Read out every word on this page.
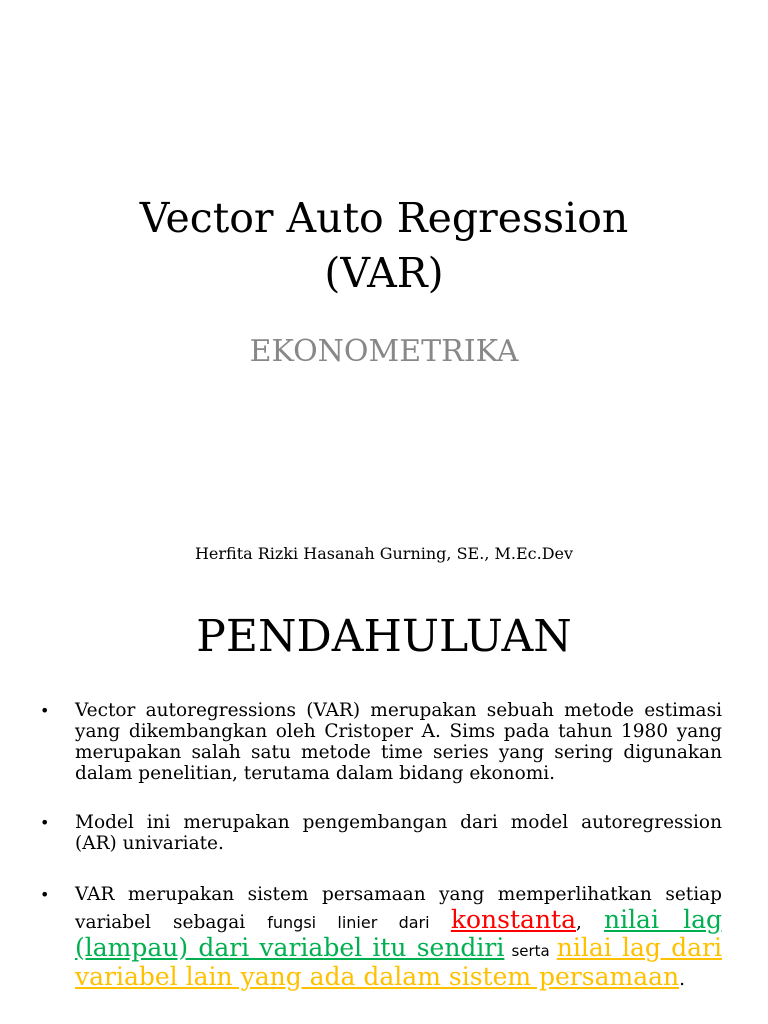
Vector Auto Regression
(VAR)
EKONOMETRIKA
Herfita Rizki Hasanah Gurning, SE., M.Ec.Dev
PENDAHULUAN
• Vector autoregressions (VAR) merupakan sebuah metode estimasi yang dikembangkan oleh Cristoper A. Sims pada tahun 1980 yang merupakan salah satu metode time series yang sering digunakan dalam penelitian, terutama dalam bidang ekonomi.
• Model ini merupakan pengembangan dari model autoregression (AR) univariate.
• VAR merupakan sistem persamaan yang memperlihatkan setiap variabel sebagai fungsi linier dari konstanta, nilai lag (lampau) dari variabel itu sendiri serta nilai lag dari variabel lain yang ada dalam sistem persamaan.
